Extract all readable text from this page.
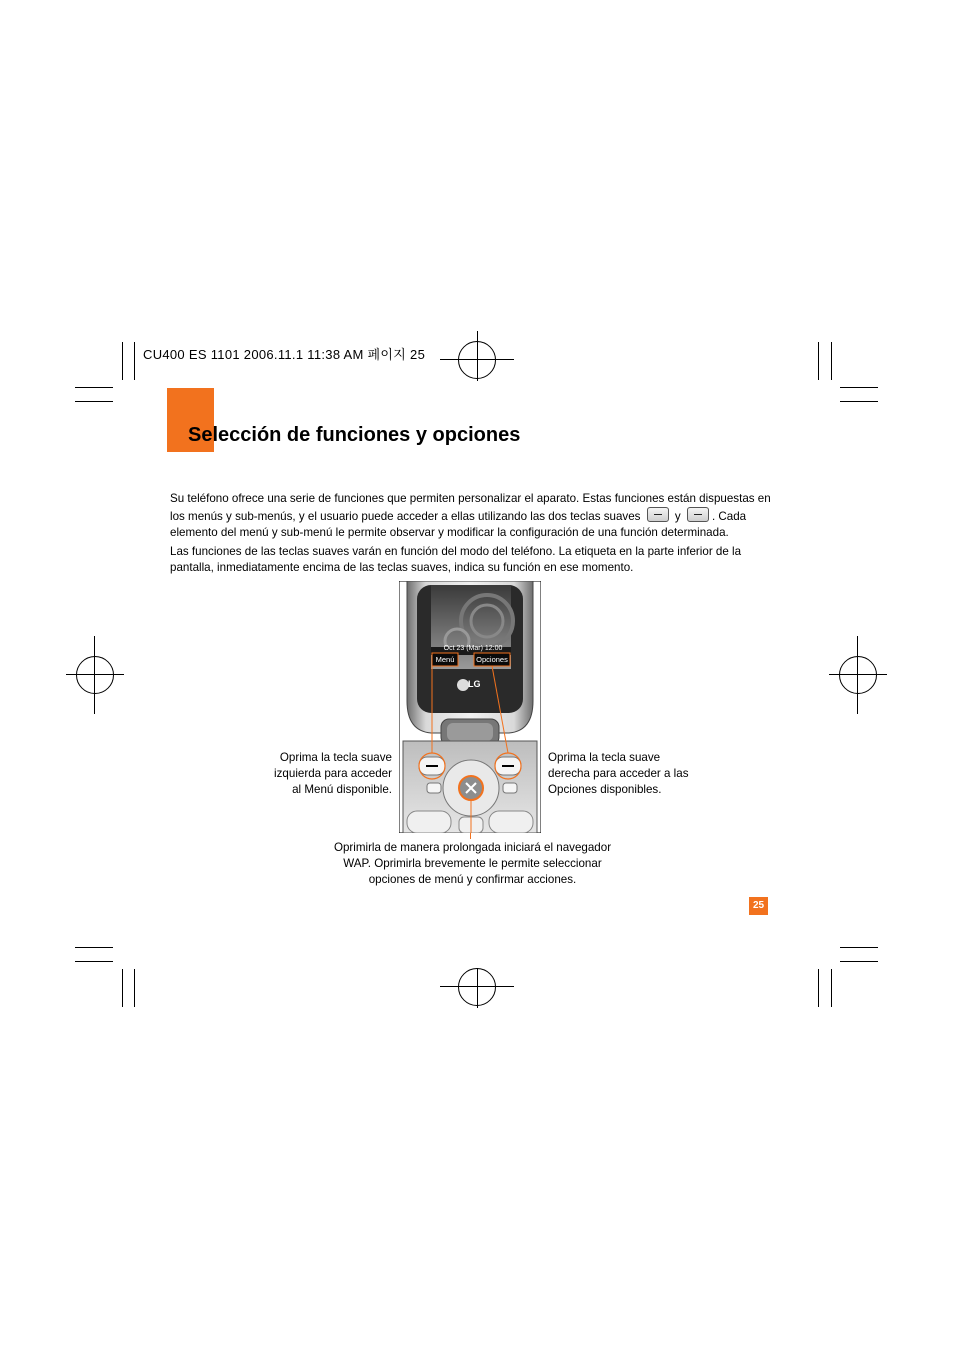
CU400 ES 1101 2006.11.1 11:38 AM 페이지 25
Selección de funciones y opciones
Su teléfono ofrece una serie de funciones que permiten personalizar el aparato. Estas funciones están dispuestas en los menús y sub-menús, y el usuario puede acceder a ellas utilizando las dos teclas suaves	y	. Cada elemento del menú y sub-menú le permite observar y modificar la configuración de una función determinada.
Las funciones de las teclas suaves varán en función del modo del teléfono. La etiqueta en la parte inferior de la pantalla, inmediatamente encima de las teclas suaves, indica su función en ese momento.
Oct 23 (Mar) 12:00
Menú	Opciones
LG
Oprima la tecla suave izquierda para acceder al Menú disponible.
Oprima la tecla suave derecha para acceder a las Opciones disponibles.
Oprimirla de manera prolongada iniciará el navegador WAP. Oprimirla brevemente le permite seleccionar opciones de menú y confirmar acciones.
25
